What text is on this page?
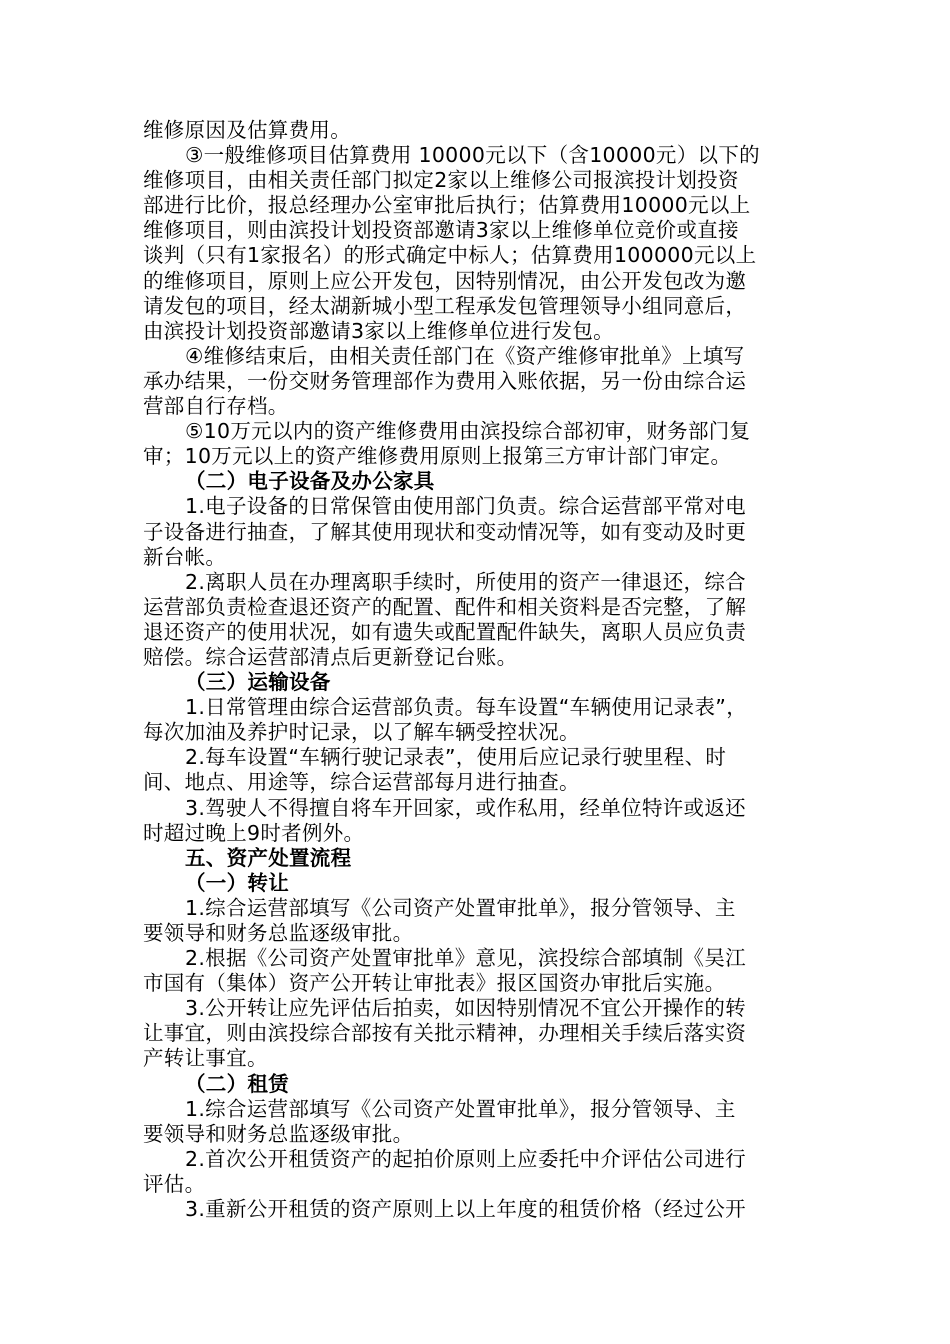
维修原因及估算费用。
③一般维修项目估算费用 10000元以下（含10000元）以下的
维修项目，由相关责任部门拟定2家以上维修公司报滨投计划投资
部进行比价，报总经理办公室审批后执行；估算费用10000元以上
维修项目，则由滨投计划投资部邀请3家以上维修单位竞价或直接
谈判（只有1家报名）的形式确定中标人；估算费用100000元以上
的维修项目，原则上应公开发包，因特别情况，由公开发包改为邀
请发包的项目，经太湖新城小型工程承发包管理领导小组同意后，
由滨投计划投资部邀请3家以上维修单位进行发包。
④维修结束后，由相关责任部门在《资产维修审批单》上填写
承办结果，一份交财务管理部作为费用入账依据，另一份由综合运
营部自行存档。
⑤10万元以内的资产维修费用由滨投综合部初审，财务部门复
审；10万元以上的资产维修费用原则上报第三方审计部门审定。
（二）电子设备及办公家具
1.电子设备的日常保管由使用部门负责。综合运营部平常对电
子设备进行抽查，了解其使用现状和变动情况等，如有变动及时更
新台帐。
2.离职人员在办理离职手续时，所使用的资产一律退还，综合
运营部负责检查退还资产的配置、配件和相关资料是否完整，了解
退还资产的使用状况，如有遗失或配置配件缺失，离职人员应负责
赔偿。综合运营部清点后更新登记台账。
（三）运输设备
1.日常管理由综合运营部负责。每车设置“车辆使用记录表”，
每次加油及养护时记录，以了解车辆受控状况。
2.每车设置“车辆行驶记录表”，使用后应记录行驶里程、时
间、地点、用途等，综合运营部每月进行抽查。
3.驾驶人不得擅自将车开回家，或作私用，经单位特许或返还
时超过晚上9时者例外。
五、资产处置流程
（一）转让
1.综合运营部填写《公司资产处置审批单》，报分管领导、主
要领导和财务总监逐级审批。
2.根据《公司资产处置审批单》意见，滨投综合部填制《吴江
市国有（集体）资产公开转让审批表》报区国资办审批后实施。
3.公开转让应先评估后拍卖，如因特别情况不宜公开操作的转
让事宜，则由滨投综合部按有关批示精神，办理相关手续后落实资
产转让事宜。
（二）租赁
1.综合运营部填写《公司资产处置审批单》，报分管领导、主
要领导和财务总监逐级审批。
2.首次公开租赁资产的起拍价原则上应委托中介评估公司进行
评估。
3.重新公开租赁的资产原则上以上年度的租赁价格（经过公开
